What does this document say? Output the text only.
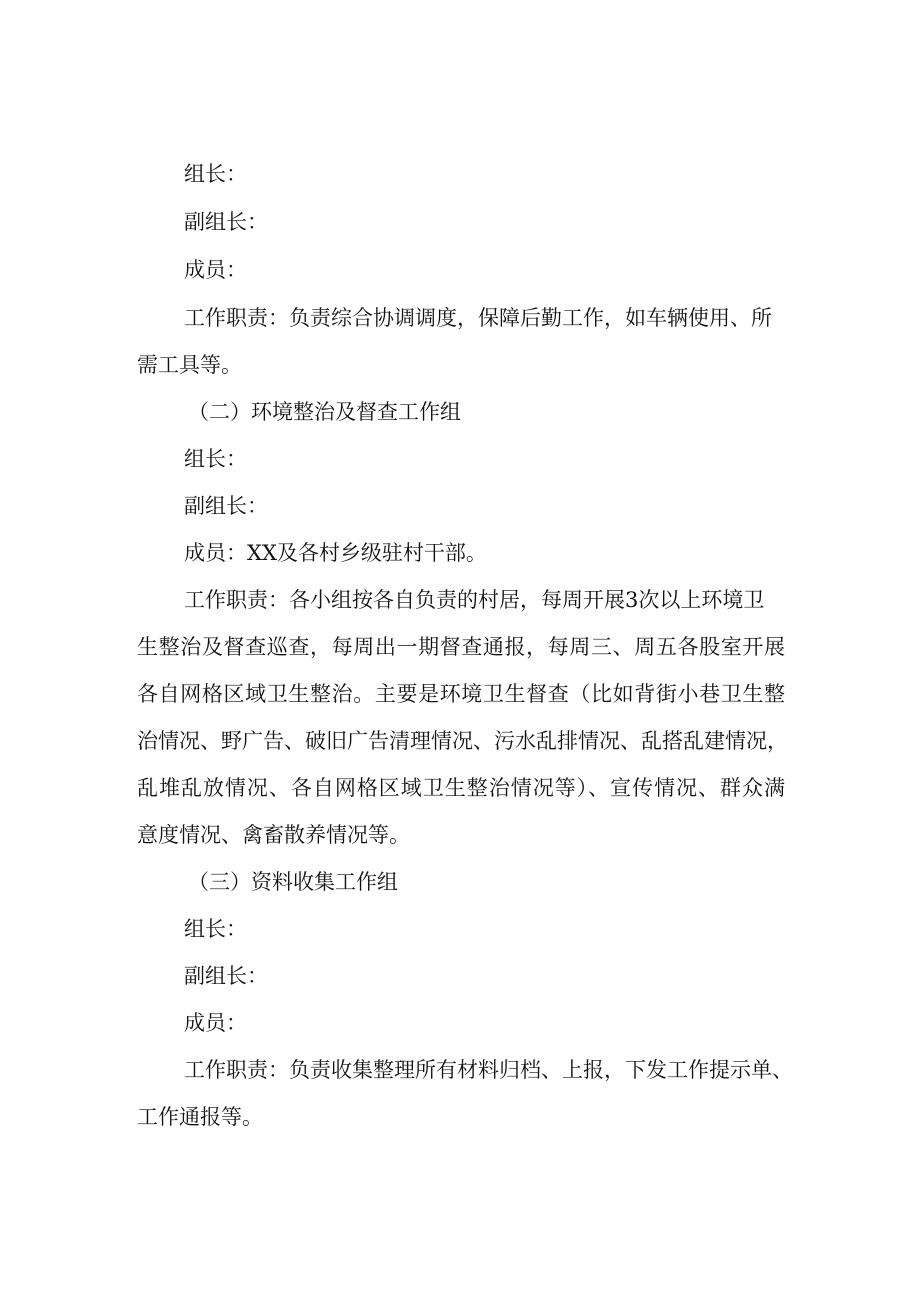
组长：
副组长：
成员：
工作职责：负责综合协调调度，保障后勤工作，如车辆使用、所
需工具等。
（二）环境整治及督查工作组
组长：
副组长：
成员：XX及各村乡级驻村干部。
工作职责：各小组按各自负责的村居，每周开展3次以上环境卫
生整治及督查巡查，每周出一期督查通报，每周三、周五各股室开展
各自网格区域卫生整治。主要是环境卫生督查（比如背街小巷卫生整
治情况、野广告、破旧广告清理情况、污水乱排情况、乱搭乱建情况，
乱堆乱放情况、各自网格区域卫生整治情况等）、宣传情况、群众满
意度情况、禽畜散养情况等。
（三）资料收集工作组
组长：
副组长：
成员：
工作职责：负责收集整理所有材料归档、上报，下发工作提示单、
工作通报等。
